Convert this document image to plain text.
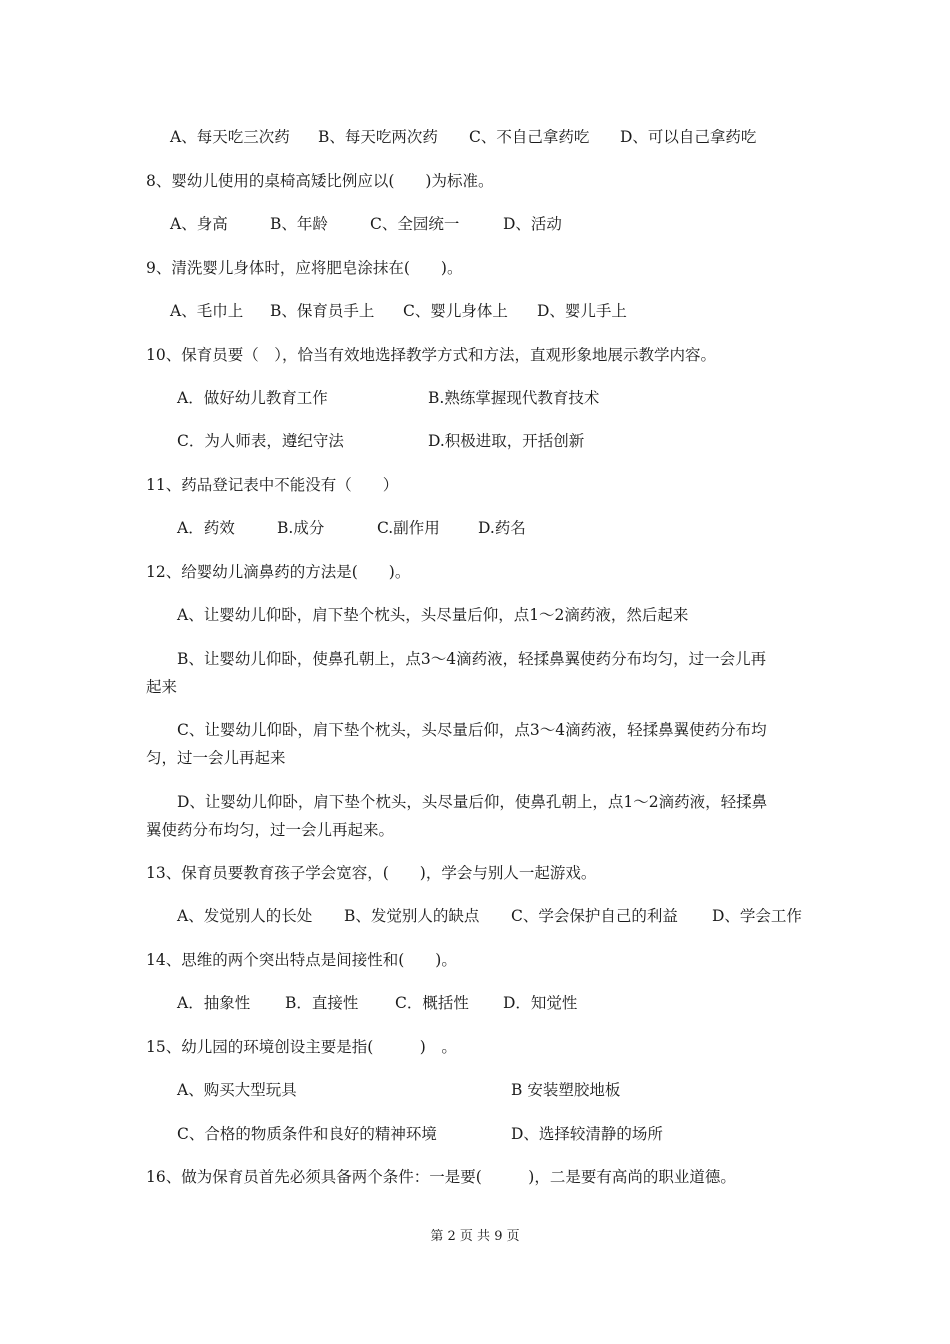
A、每天吃三次药 B、每天吃两次药 C、不自己拿药吃 D、可以自己拿药吃
8、婴幼儿使用的桌椅高矮比例应以(　　)为标准。
A、身高	B、年龄	C、全园统一	D、活动
9、清洗婴儿身体时，应将肥皂涂抹在(　　)。
A、毛巾上 B、保育员手上 C、婴儿身体上 D、婴儿手上
10、保育员要（　），恰当有效地选择教学方式和方法，直观形象地展示教学内容。
A．做好幼儿教育工作	B.熟练掌握现代教育技术
C．为人师表，遵纪守法	D.积极进取，开括创新
11、药品登记表中不能没有（　　）
A．药效	B.成分	C.副作用 D.药名
12、给婴幼儿滴鼻药的方法是(　　)。
A、让婴幼儿仰卧，肩下垫个枕头，头尽量后仰，点1～2滴药液，然后起来
B、让婴幼儿仰卧，使鼻孔朝上，点3～4滴药液，轻揉鼻翼使药分布均匀，过一会儿再
起来
C、让婴幼儿仰卧，肩下垫个枕头，头尽量后仰，点3～4滴药液，轻揉鼻翼使药分布均
匀，过一会儿再起来
D、让婴幼儿仰卧，肩下垫个枕头，头尽量后仰，使鼻孔朝上，点1～2滴药液，轻揉鼻
翼使药分布均匀，过一会儿再起来。
13、保育员要教育孩子学会宽容，(　　)，学会与别人一起游戏。
A、发觉别人的长处 B、发觉别人的缺点 C、学会保护自己的利益 D、学会工作
14、思维的两个突出特点是间接性和(　　)。
A．抽象性 B．直接性 C．概括性 D．知觉性
15、幼儿园的环境创设主要是指(　　　)　。
A、购买大型玩具	B 安装塑胶地板
C、合格的物质条件和良好的精神环境	D、选择较清静的场所
16、做为保育员首先必须具备两个条件：一是要(　　　)，二是要有高尚的职业道德。
第 2 页 共 9 页
